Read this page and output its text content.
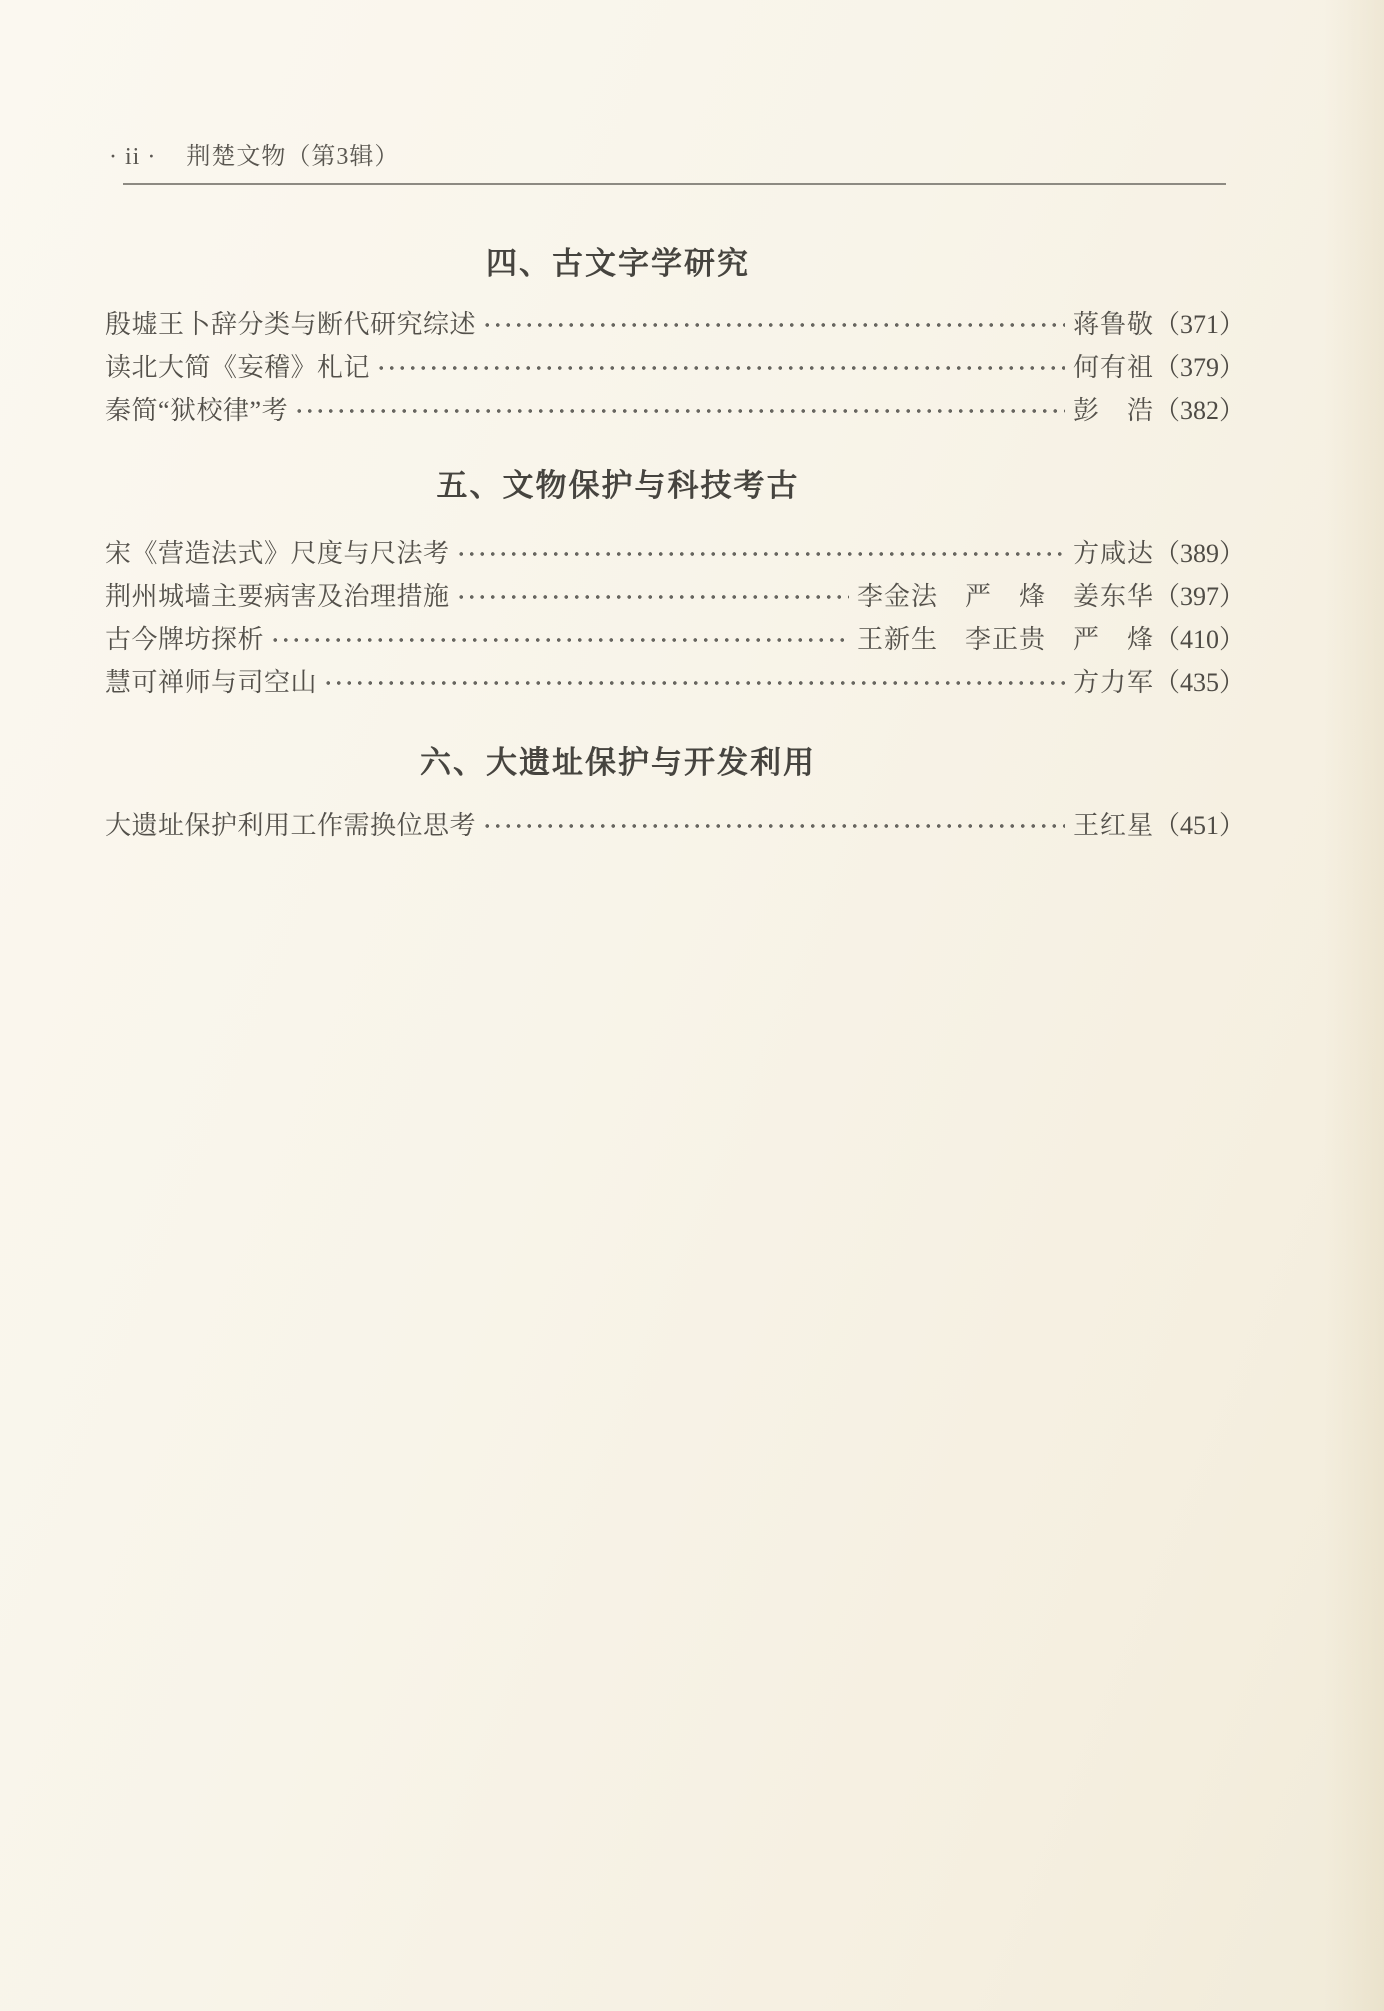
· ii · 荆楚文物（第3辑）
四、古文字学研究
殷墟王卜辞分类与断代研究综述	蒋鲁敬 （371）
读北大简《妄稽》札记	何有祖 （379）
秦简“狱校律”考	彭　浩 （382）
五、文物保护与科技考古
宋《营造法式》尺度与尺法考	方咸达 （389）
荆州城墙主要病害及治理措施	李金法　严　烽　姜东华 （397）
古今牌坊探析	王新生　李正贵　严　烽 （410）
慧可禅师与司空山	方力军 （435）
六、大遗址保护与开发利用
大遗址保护利用工作需换位思考	王红星 （451）
